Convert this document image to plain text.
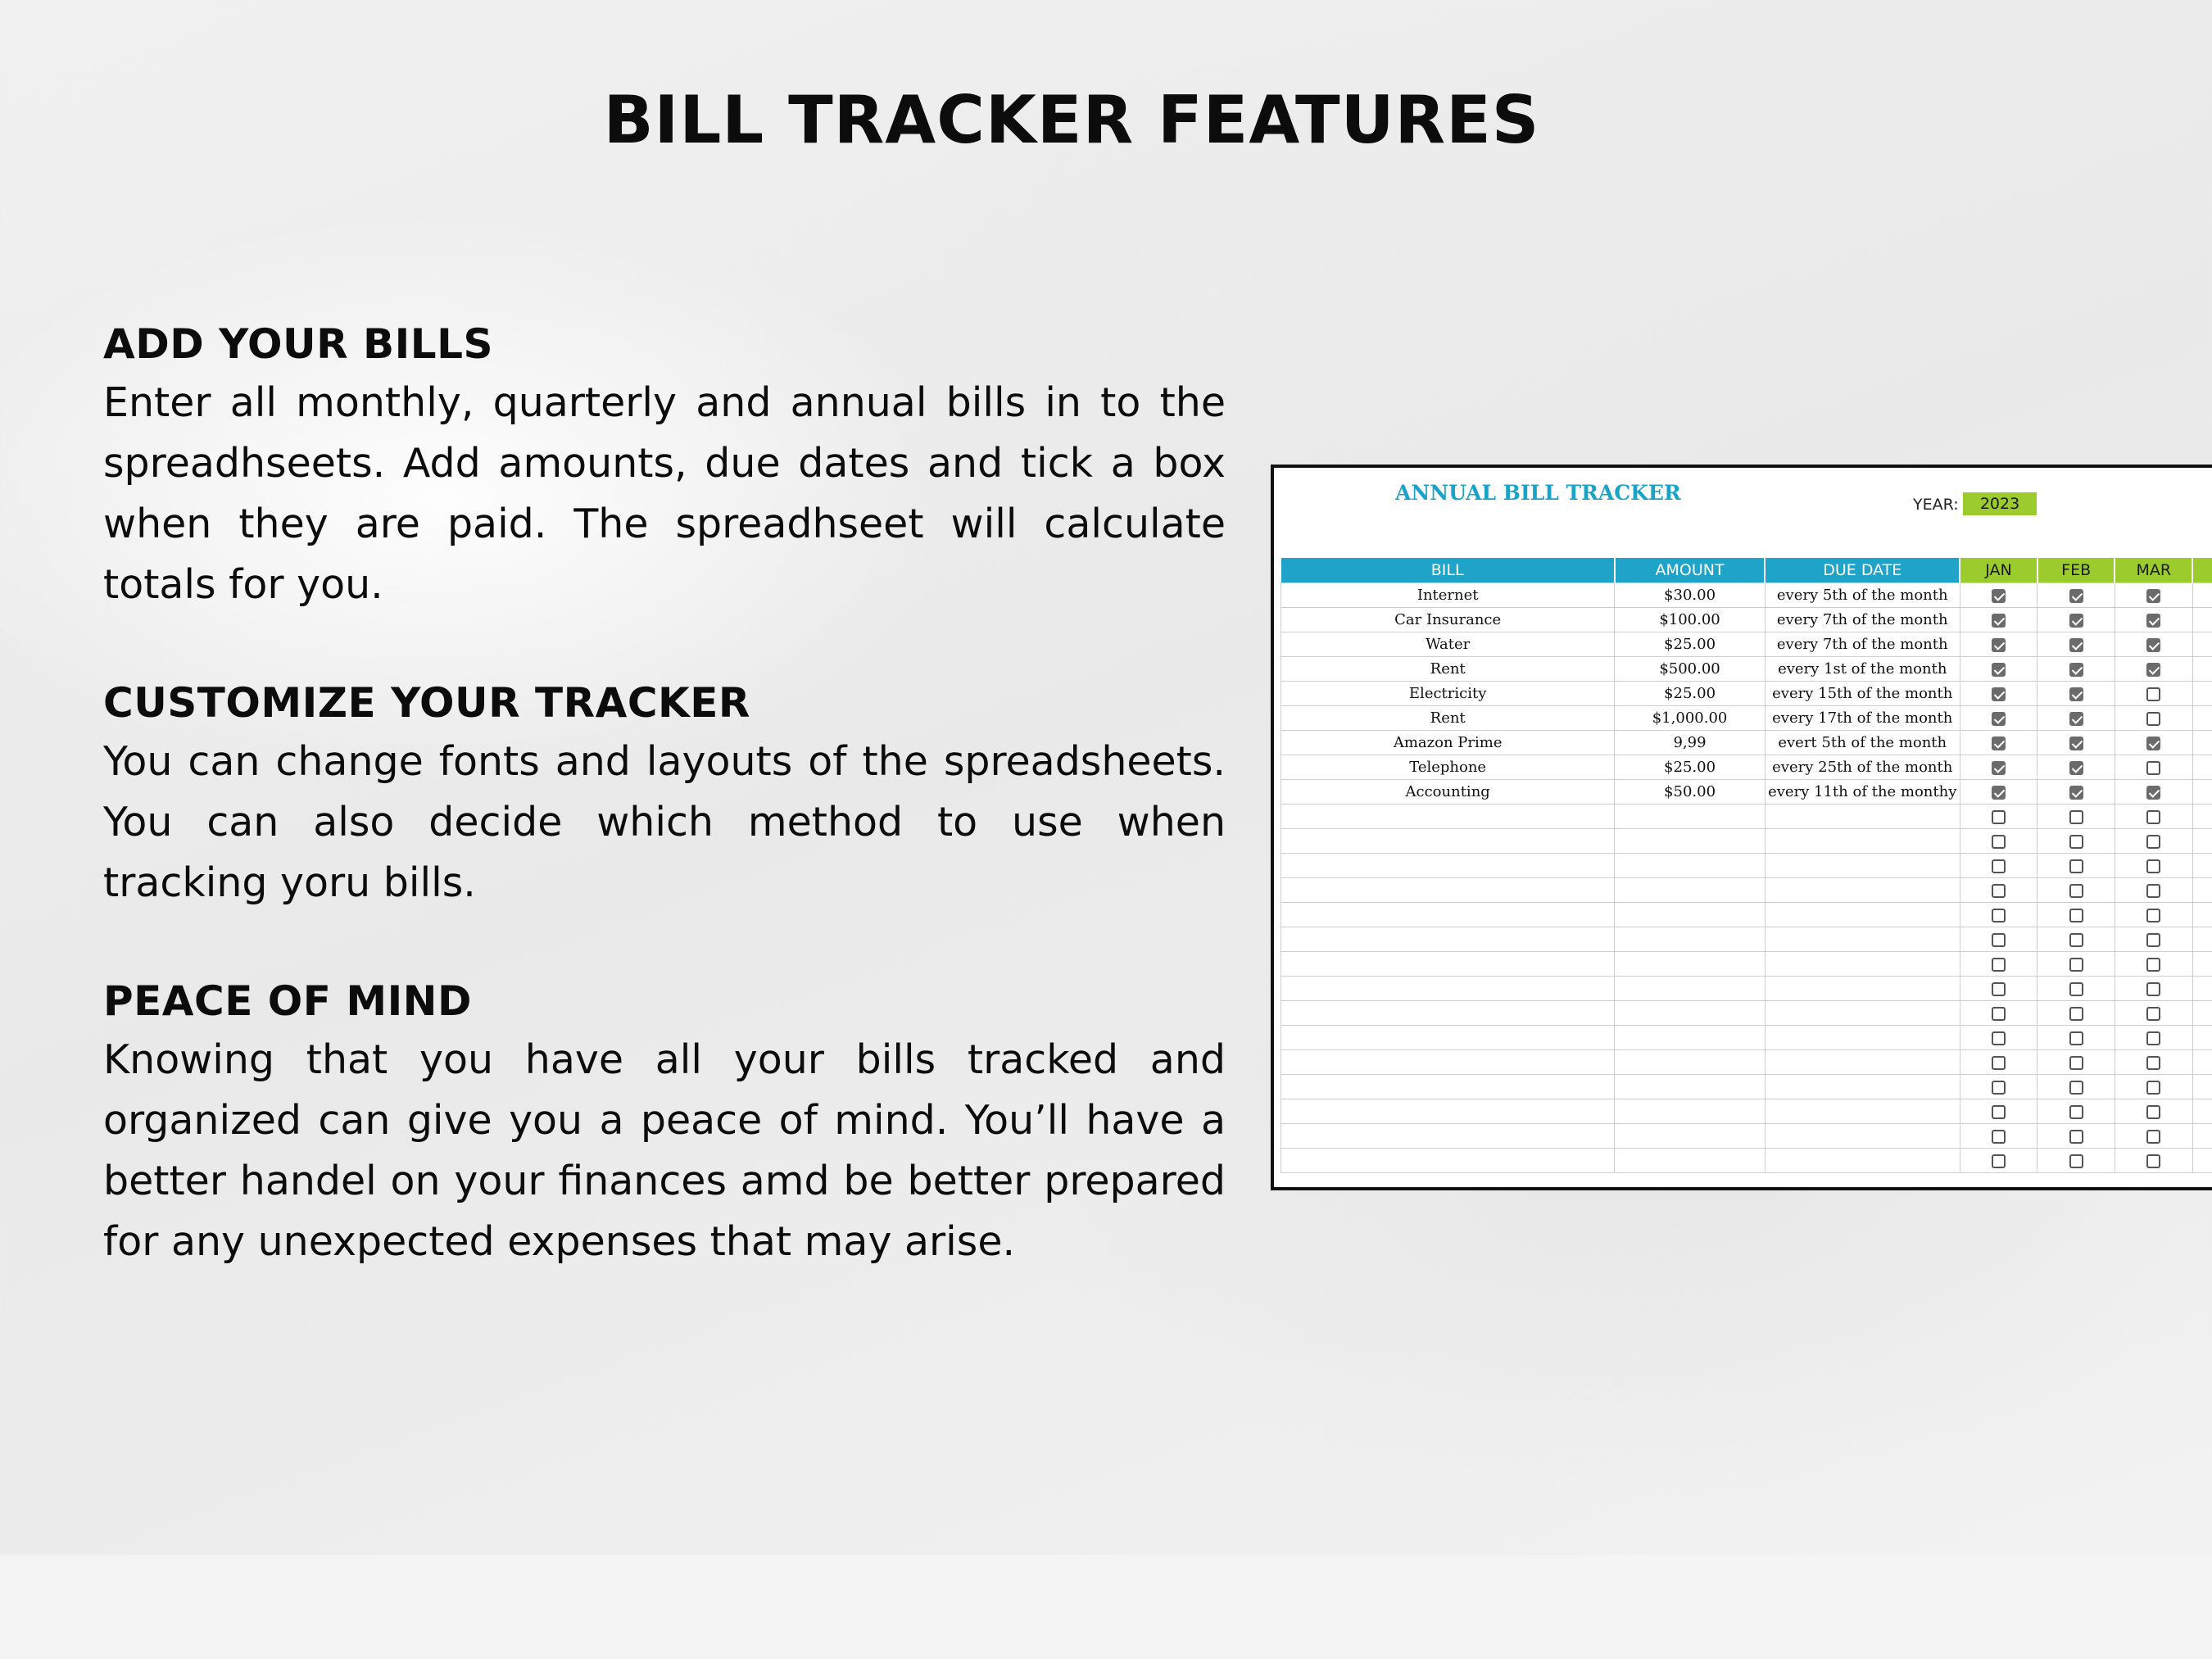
BILL TRACKER FEATURES
ADD YOUR BILLS

Enter all monthly, quarterly and annual bills in to the spreadhseets. Add amounts, due dates and tick a box when they are paid. The spreadhseet will calculate totals for you.

CUSTOMIZE YOUR TRACKER

You can change fonts and layouts of the spreadsheets. You can also decide which method to use when tracking yoru bills.

PEACE OF MIND

Knowing that you have all your bills tracked and organized can give you a peace of mind. You’ll have a better handel on your finances amd be better prepared for any unexpected expenses that may arise.

ANNUAL BILL TRACKER	YEAR:	2023
BILL	AMOUNT	DUE DATE	JAN	FEB	MAR	
Internet	$30.00	every 5th of the month				
Car Insurance	$100.00	every 7th of the month				
Water	$25.00	every 7th of the month				
Rent	$500.00	every 1st of the month				
Electricity	$25.00	every 15th of the month				
Rent	$1,000.00	every 17th of the month				
Amazon Prime	9,99	evert 5th of the month				
Telephone	$25.00	every 25th of the month				
Accounting	$50.00	every 11th of the monthy				
